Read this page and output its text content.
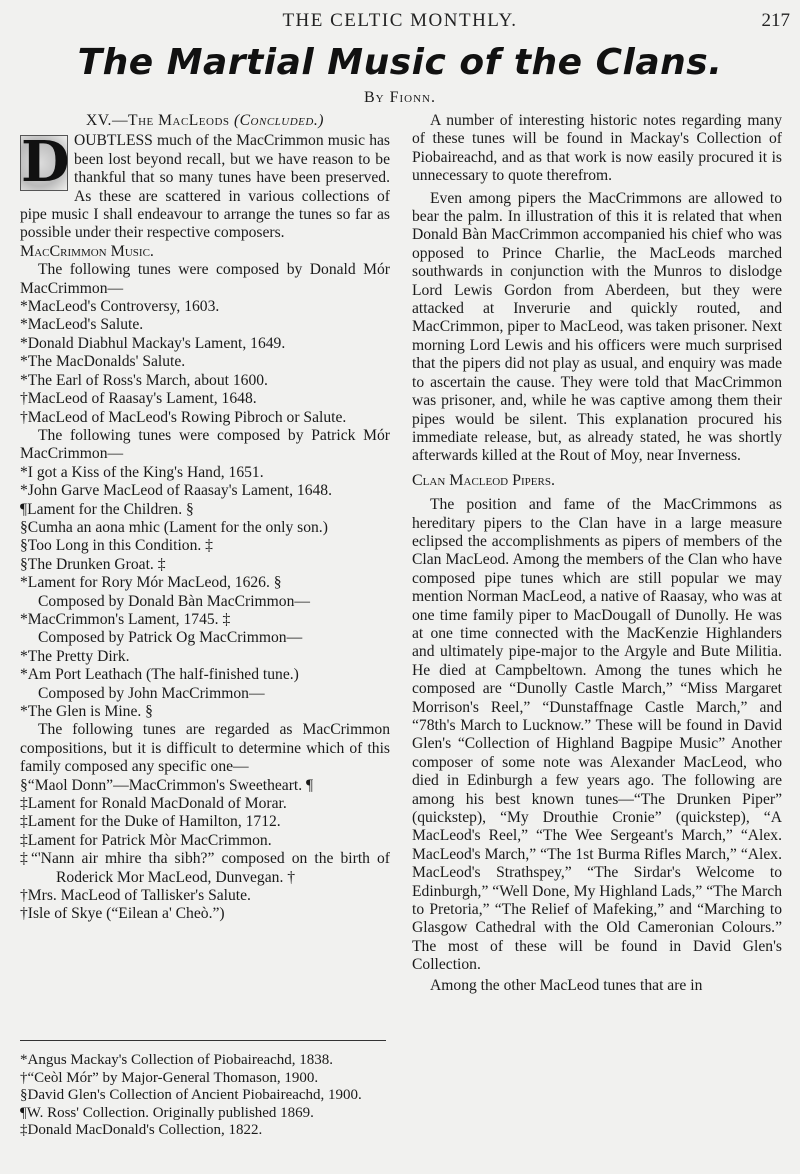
THE CELTIC MONTHLY.	217
The Martial Music of the Clans.
By Fionn.

XV.—The MacLeods (Concluded.)

D OUBTLESS much of the MacCrimmon music has been lost beyond recall, but we have reason to be thankful that so many tunes have been preserved. As these are scattered in various collections of pipe music I shall endeavour to arrange the tunes so far as possible under their respective composers.

MacCrimmon Music.

The following tunes were composed by Donald Mór MacCrimmon—

*MacLeod's Controversy, 1603.

*MacLeod's Salute.

*Donald Diabhul Mackay's Lament, 1649.

*The MacDonalds' Salute.

*The Earl of Ross's March, about 1600.

†MacLeod of Raasay's Lament, 1648.

†MacLeod of MacLeod's Rowing Pibroch or Salute.

The following tunes were composed by Patrick Mór MacCrimmon—

*I got a Kiss of the King's Hand, 1651.

*John Garve MacLeod of Raasay's Lament, 1648.

¶Lament for the Children. §

§Cumha an aona mhic (Lament for the only son.)

§Too Long in this Condition. ‡

§The Drunken Groat. ‡

*Lament for Rory Mór MacLeod, 1626. §

Composed by Donald Bàn MacCrimmon—

*MacCrimmon's Lament, 1745. ‡

Composed by Patrick Og MacCrimmon—

*The Pretty Dirk.

*Am Port Leathach (The half-finished tune.)

Composed by John MacCrimmon—

*The Glen is Mine. §

The following tunes are regarded as MacCrimmon compositions, but it is difficult to determine which of this family composed any specific one—

§“Maol Donn”—MacCrimmon's Sweetheart. ¶

‡Lament for Ronald MacDonald of Morar.

‡Lament for the Duke of Hamilton, 1712.

‡Lament for Patrick Mòr MacCrimmon.

‡“'Nann air mhire tha sibh?” composed on the birth of Roderick Mor MacLeod, Dunvegan. †

†Mrs. MacLeod of Tallisker's Salute.

†Isle of Skye (“Eilean a' Cheò.”)

*Angus Mackay's Collection of Piobaireachd, 1838.

†“Ceòl Mór” by Major-General Thomason, 1900.

§David Glen's Collection of Ancient Piobaireachd, 1900.

¶W. Ross' Collection. Originally published 1869.

‡Donald MacDonald's Collection, 1822.

A number of interesting historic notes regarding many of these tunes will be found in Mackay's Collection of Piobaireachd, and as that work is now easily procured it is unnecessary to quote therefrom.

Even among pipers the MacCrimmons are allowed to bear the palm. In illustration of this it is related that when Donald Bàn MacCrimmon accompanied his chief who was opposed to Prince Charlie, the MacLeods marched southwards in conjunction with the Munros to dislodge Lord Lewis Gordon from Aberdeen, but they were attacked at Inverurie and quickly routed, and MacCrimmon, piper to MacLeod, was taken prisoner. Next morning Lord Lewis and his officers were much surprised that the pipers did not play as usual, and enquiry was made to ascertain the cause. They were told that MacCrimmon was prisoner, and, while he was captive among them their pipes would be silent. This explanation procured his immediate release, but, as already stated, he was shortly afterwards killed at the Rout of Moy, near Inverness.

Clan Macleod Pipers.

The position and fame of the MacCrimmons as hereditary pipers to the Clan have in a large measure eclipsed the accomplishments as pipers of members of the Clan MacLeod. Among the members of the Clan who have composed pipe tunes which are still popular we may mention Norman MacLeod, a native of Raasay, who was at one time family piper to MacDougall of Dunolly. He was at one time connected with the MacKenzie Highlanders and ultimately pipe-major to the Argyle and Bute Militia. He died at Campbeltown. Among the tunes which he composed are “Dunolly Castle March,” “Miss Margaret Morrison's Reel,” “Dunstaffnage Castle March,” and “78th's March to Lucknow.” These will be found in David Glen's “Collection of Highland Bagpipe Music” Another composer of some note was Alexander MacLeod, who died in Edinburgh a few years ago. The following are among his best known tunes—“The Drunken Piper” (quickstep), “My Drouthie Cronie” (quickstep), “A MacLeod's Reel,” “The Wee Sergeant's March,” “Alex. MacLeod's March,” “The 1st Burma Rifles March,” “Alex. MacLeod's Strathspey,” “The Sirdar's Welcome to Edinburgh,” “Well Done, My Highland Lads,” “The March to Pretoria,” “The Relief of Mafeking,” and “Marching to Glasgow Cathedral with the Old Cameronian Colours.” The most of these will be found in David Glen's Collection.

Among the other MacLeod tunes that are in
